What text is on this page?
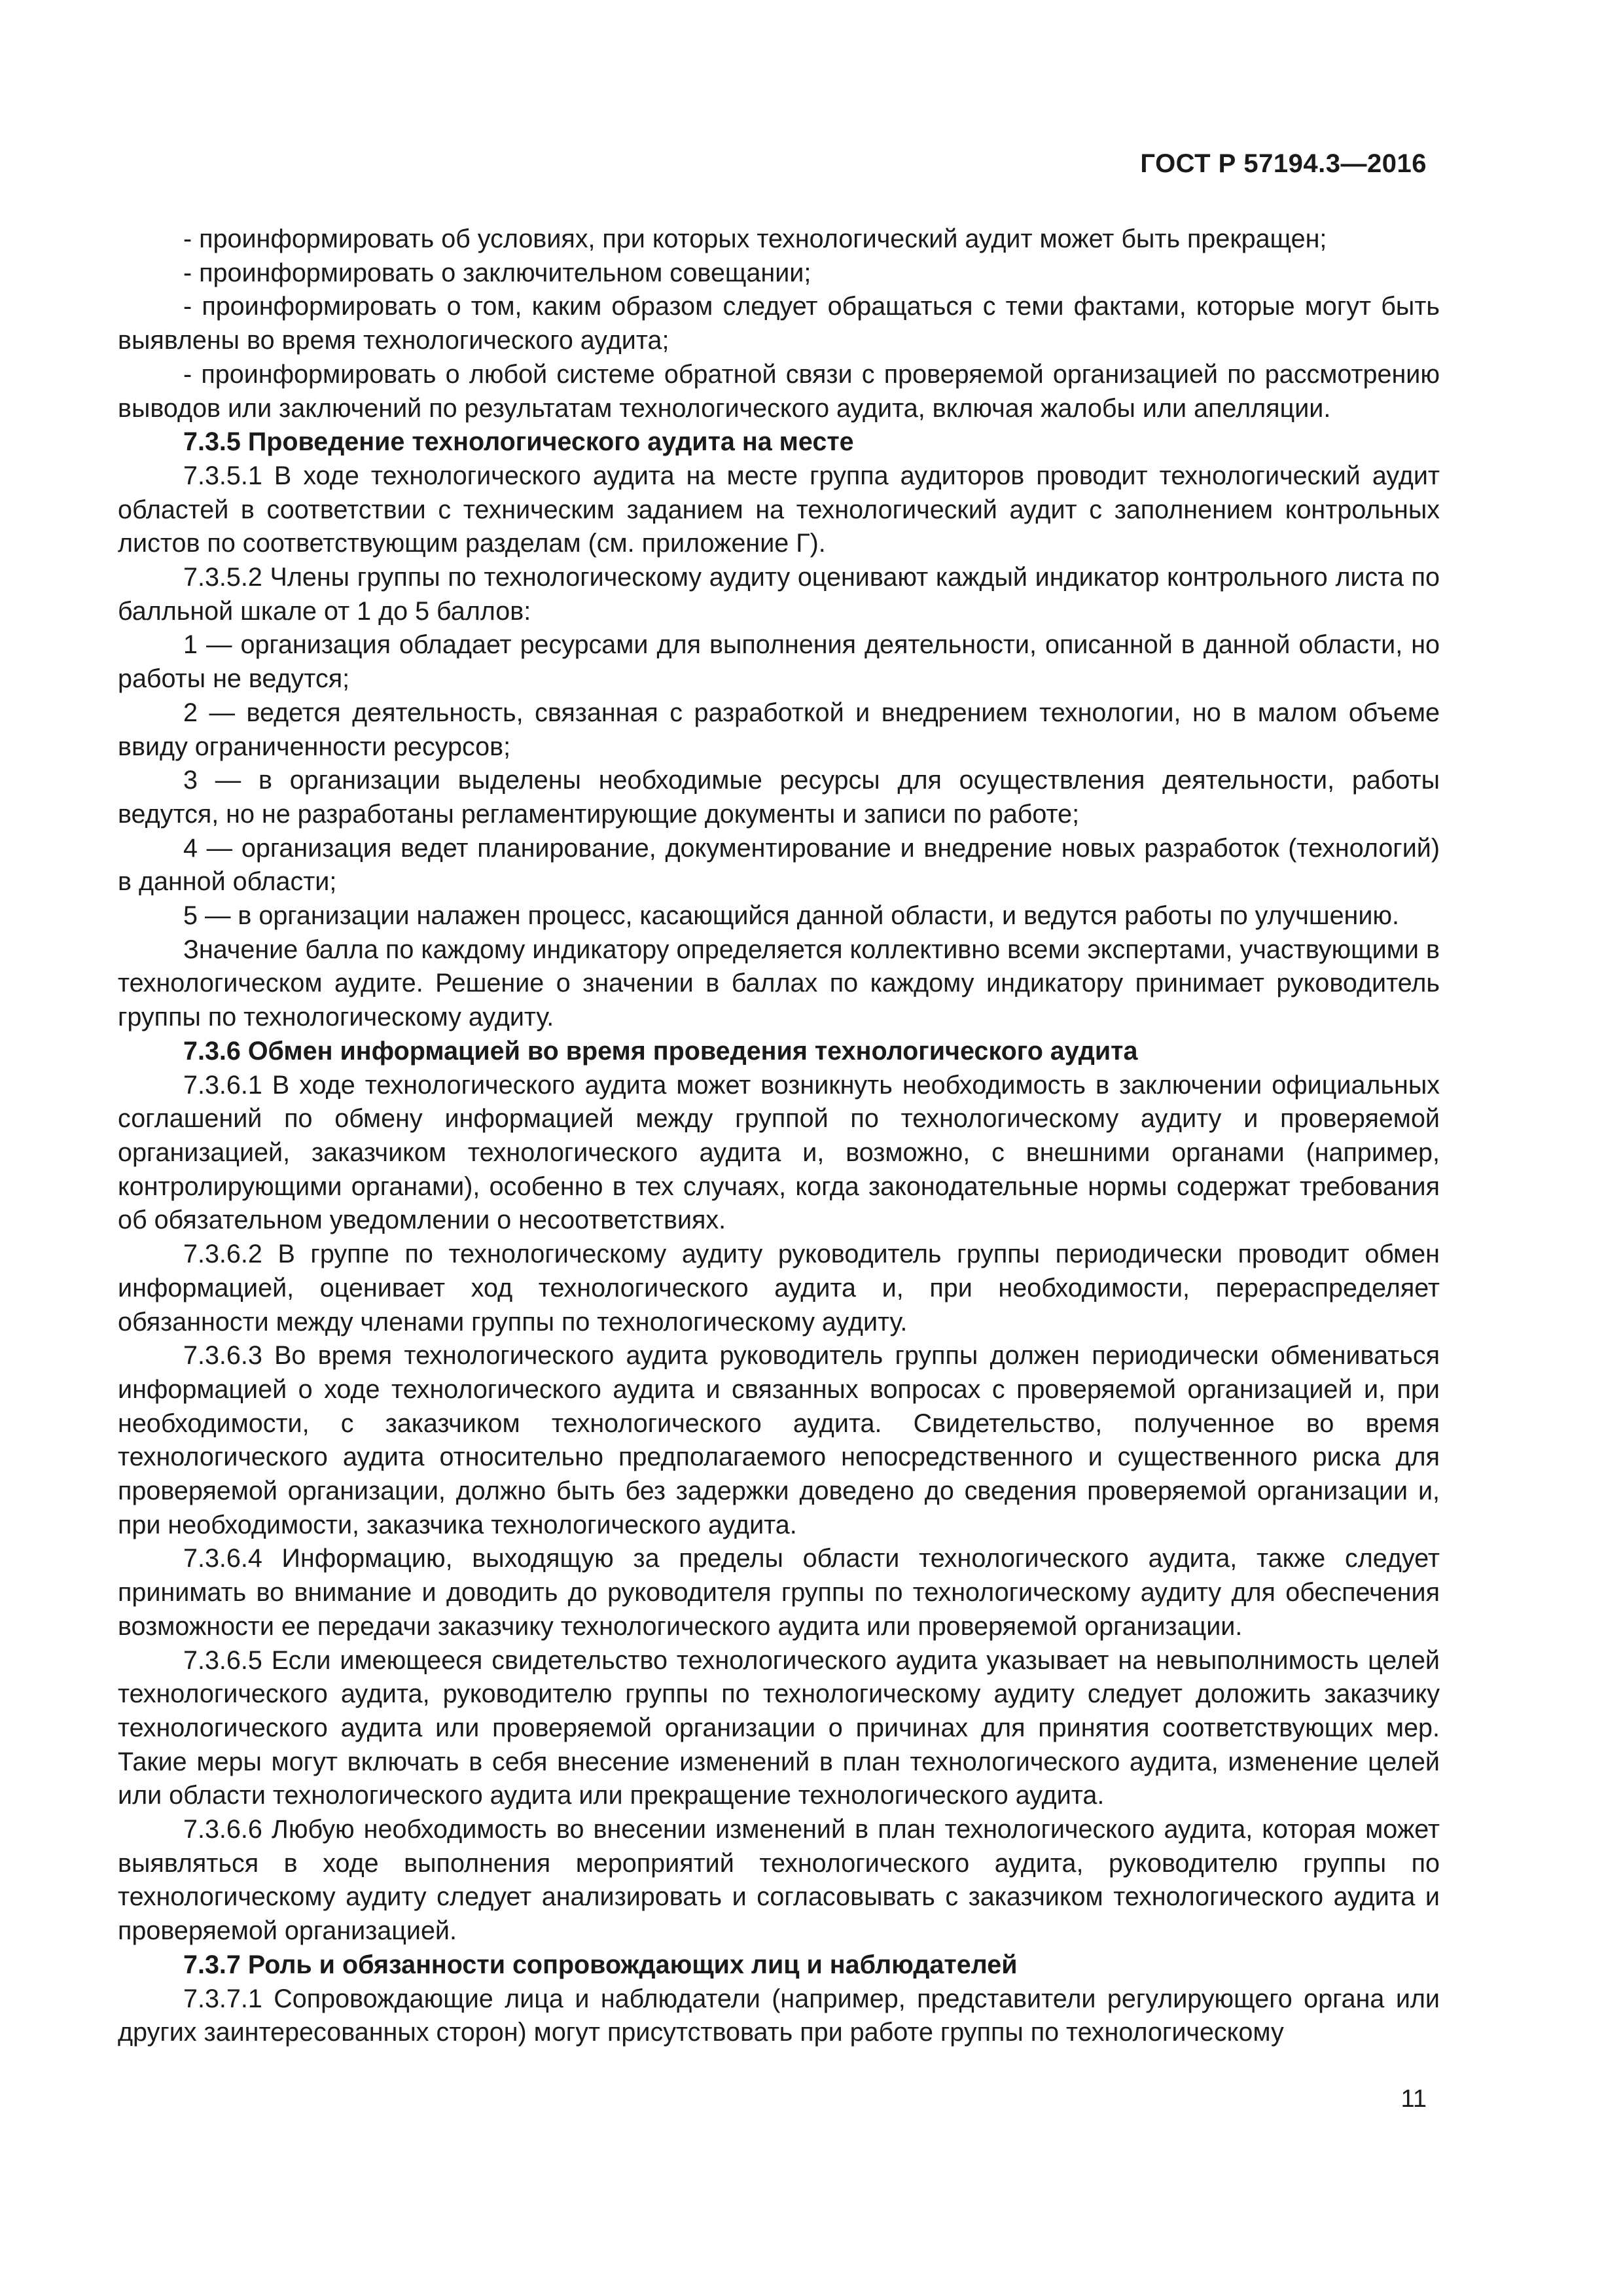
ГОСТ Р 57194.3—2016

- проинформировать об условиях, при которых технологический аудит может быть прекращен;

- проинформировать о заключительном совещании;

- проинформировать о том, каким образом следует обращаться с теми фактами, которые могут быть выявлены во время технологического аудита;

- проинформировать о любой системе обратной связи с проверяемой организацией по рассмотрению выводов или заключений по результатам технологического аудита, включая жалобы или апелляции.

7.3.5 Проведение технологического аудита на месте

7.3.5.1 В ходе технологического аудита на месте группа аудиторов проводит технологический аудит областей в соответствии с техническим заданием на технологический аудит с заполнением контрольных листов по соответствующим разделам (см. приложение Г).

7.3.5.2 Члены группы по технологическому аудиту оценивают каждый индикатор контрольного листа по балльной шкале от 1 до 5 баллов:

1 — организация обладает ресурсами для выполнения деятельности, описанной в данной области, но работы не ведутся;

2 — ведется деятельность, связанная с разработкой и внедрением технологии, но в малом объеме ввиду ограниченности ресурсов;

3 — в организации выделены необходимые ресурсы для осуществления деятельности, работы ведутся, но не разработаны регламентирующие документы и записи по работе;

4 — организация ведет планирование, документирование и внедрение новых разработок (технологий) в данной области;

5 — в организации налажен процесс, касающийся данной области, и ведутся работы по улучшению.

Значение балла по каждому индикатору определяется коллективно всеми экспертами, участвующими в технологическом аудите. Решение о значении в баллах по каждому индикатору принимает руководитель группы по технологическому аудиту.

7.3.6 Обмен информацией во время проведения технологического аудита

7.3.6.1 В ходе технологического аудита может возникнуть необходимость в заключении официальных соглашений по обмену информацией между группой по технологическому аудиту и проверяемой организацией, заказчиком технологического аудита и, возможно, с внешними органами (например, контролирующими органами), особенно в тех случаях, когда законодательные нормы содержат требования об обязательном уведомлении о несоответствиях.

7.3.6.2 В группе по технологическому аудиту руководитель группы периодически проводит обмен информацией, оценивает ход технологического аудита и, при необходимости, перераспределяет обязанности между членами группы по технологическому аудиту.

7.3.6.3 Во время технологического аудита руководитель группы должен периодически обмениваться информацией о ходе технологического аудита и связанных вопросах с проверяемой организацией и, при необходимости, с заказчиком технологического аудита. Свидетельство, полученное во время технологического аудита относительно предполагаемого непосредственного и существенного риска для проверяемой организации, должно быть без задержки доведено до сведения проверяемой организации и, при необходимости, заказчика технологического аудита.

7.3.6.4 Информацию, выходящую за пределы области технологического аудита, также следует принимать во внимание и доводить до руководителя группы по технологическому аудиту для обеспечения возможности ее передачи заказчику технологического аудита или проверяемой организации.

7.3.6.5 Если имеющееся свидетельство технологического аудита указывает на невыполнимость целей технологического аудита, руководителю группы по технологическому аудиту следует доложить заказчику технологического аудита или проверяемой организации о причинах для принятия соответствующих мер. Такие меры могут включать в себя внесение изменений в план технологического аудита, изменение целей или области технологического аудита или прекращение технологического аудита.

7.3.6.6 Любую необходимость во внесении изменений в план технологического аудита, которая может выявляться в ходе выполнения мероприятий технологического аудита, руководителю группы по технологическому аудиту следует анализировать и согласовывать с заказчиком технологического аудита и проверяемой организацией.

7.3.7 Роль и обязанности сопровождающих лиц и наблюдателей

7.3.7.1 Сопровождающие лица и наблюдатели (например, представители регулирующего органа или других заинтересованных сторон) могут присутствовать при работе группы по технологическому

11
